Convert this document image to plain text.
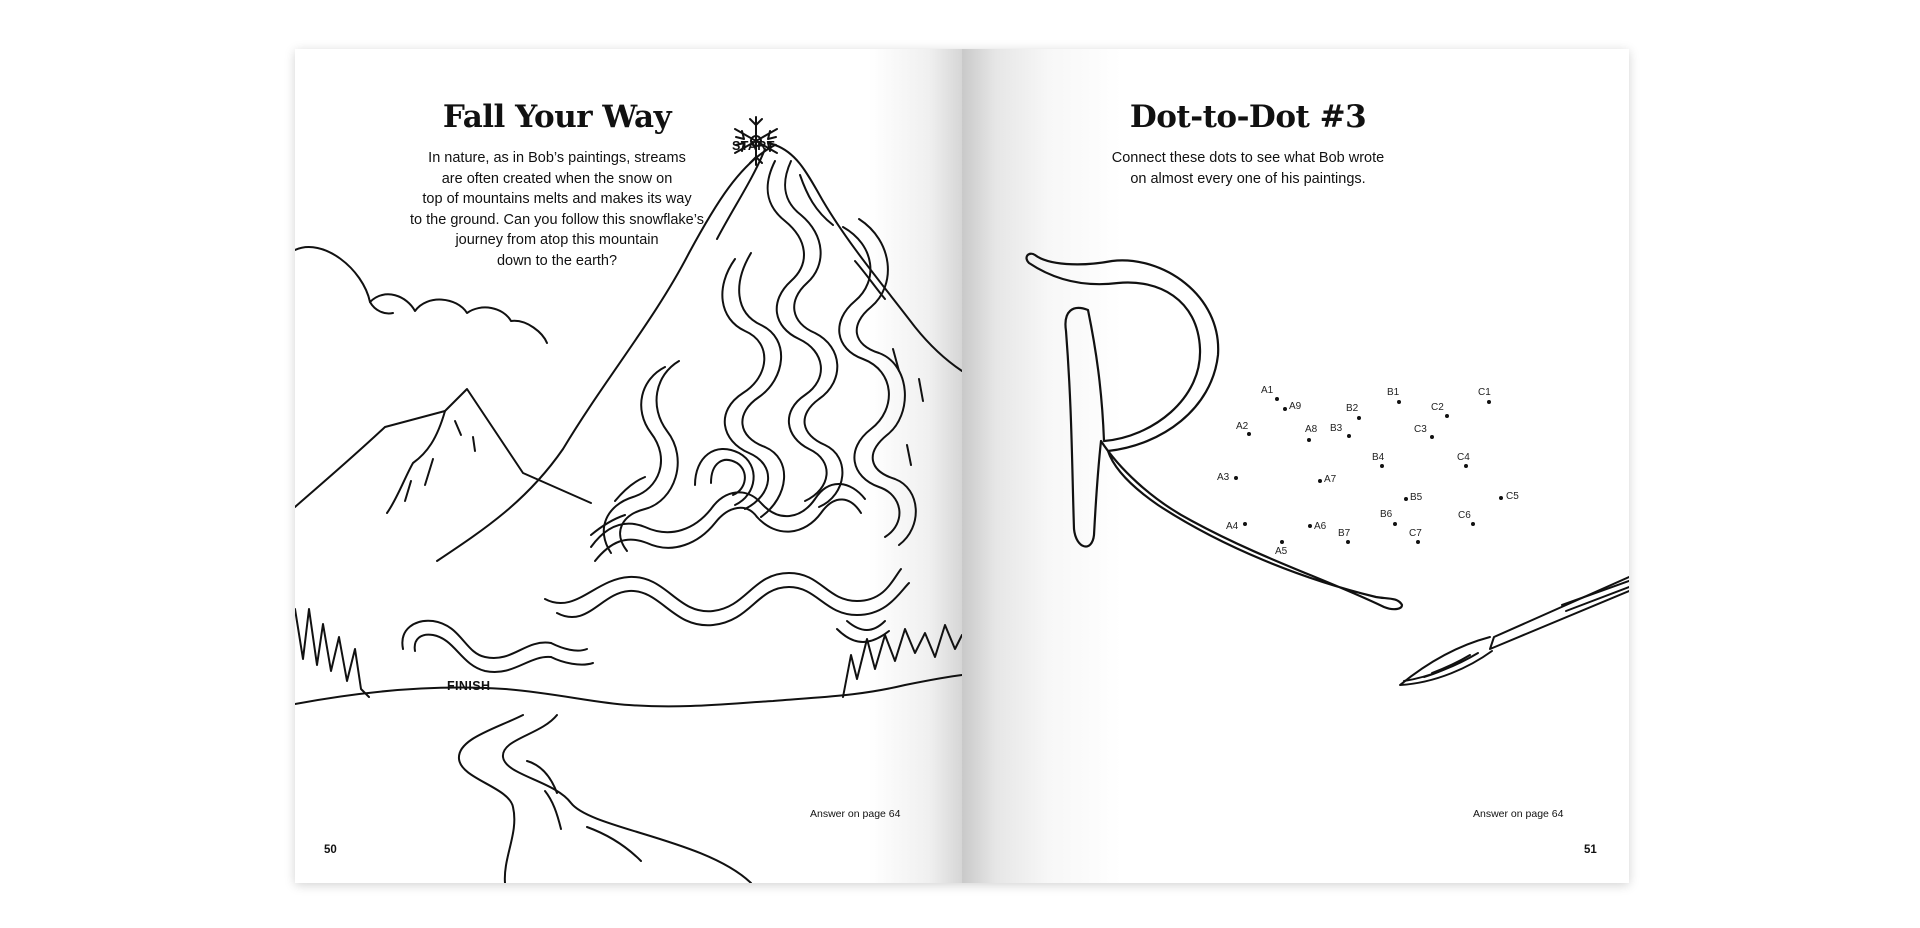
Fall Your Way

In nature, as in Bob’s paintings, streams
are often created when the snow on
top of mountains melts and makes its way
to the ground. Can you follow this snowflake’s
journey from atop this mountain
down to the earth?

START
FINISH
Answer on page 64
50
Dot-to-Dot #3

Connect these dots to see what Bob wrote
on almost every one of his paintings.

A1
A2
A3
A4
A5
A6
A7
A8
A9
B1
B2
B3
B4
B5
B6
B7
C1
C2
C3
C4
C5
C6
C7
Answer on page 64
51
